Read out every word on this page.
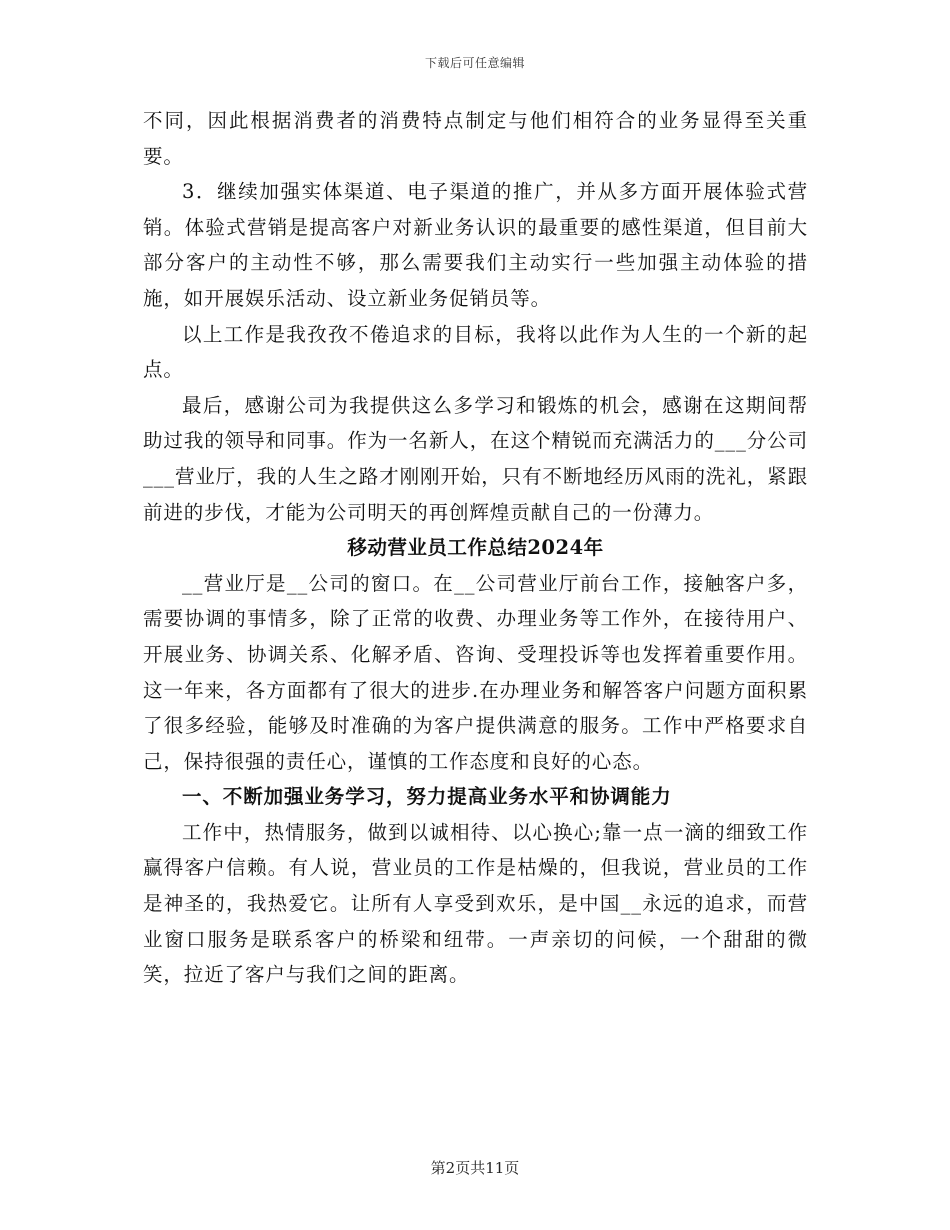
下载后可任意编辑

不同，因此根据消费者的消费特点制定与他们相符合的业务显得至关重要。

3．继续加强实体渠道、电子渠道的推广，并从多方面开展体验式营销。体验式营销是提高客户对新业务认识的最重要的感性渠道，但目前大部分客户的主动性不够，那么需要我们主动实行一些加强主动体验的措施，如开展娱乐活动、设立新业务促销员等。

以上工作是我孜孜不倦追求的目标，我将以此作为人生的一个新的起点。

最后，感谢公司为我提供这么多学习和锻炼的机会，感谢在这期间帮助过我的领导和同事。作为一名新人，在这个精锐而充满活力的___分公司___营业厅，我的人生之路才刚刚开始，只有不断地经历风雨的洗礼，紧跟前进的步伐，才能为公司明天的再创辉煌贡献自己的一份薄力。

移动营业员工作总结2024年

__营业厅是__公司的窗口。在__公司营业厅前台工作，接触客户多，需要协调的事情多，除了正常的收费、办理业务等工作外，在接待用户、开展业务、协调关系、化解矛盾、咨询、受理投诉等也发挥着重要作用。这一年来，各方面都有了很大的进步.在办理业务和解答客户问题方面积累了很多经验，能够及时准确的为客户提供满意的服务。工作中严格要求自己，保持很强的责任心，谨慎的工作态度和良好的心态。

一、不断加强业务学习，努力提高业务水平和协调能力

工作中，热情服务，做到以诚相待、以心换心;靠一点一滴的细致工作赢得客户信赖。有人说，营业员的工作是枯燥的，但我说，营业员的工作是神圣的，我热爱它。让所有人享受到欢乐，是中国__永远的追求，而营业窗口服务是联系客户的桥梁和纽带。一声亲切的问候，一个甜甜的微笑，拉近了客户与我们之间的距离。

第2页共11页
